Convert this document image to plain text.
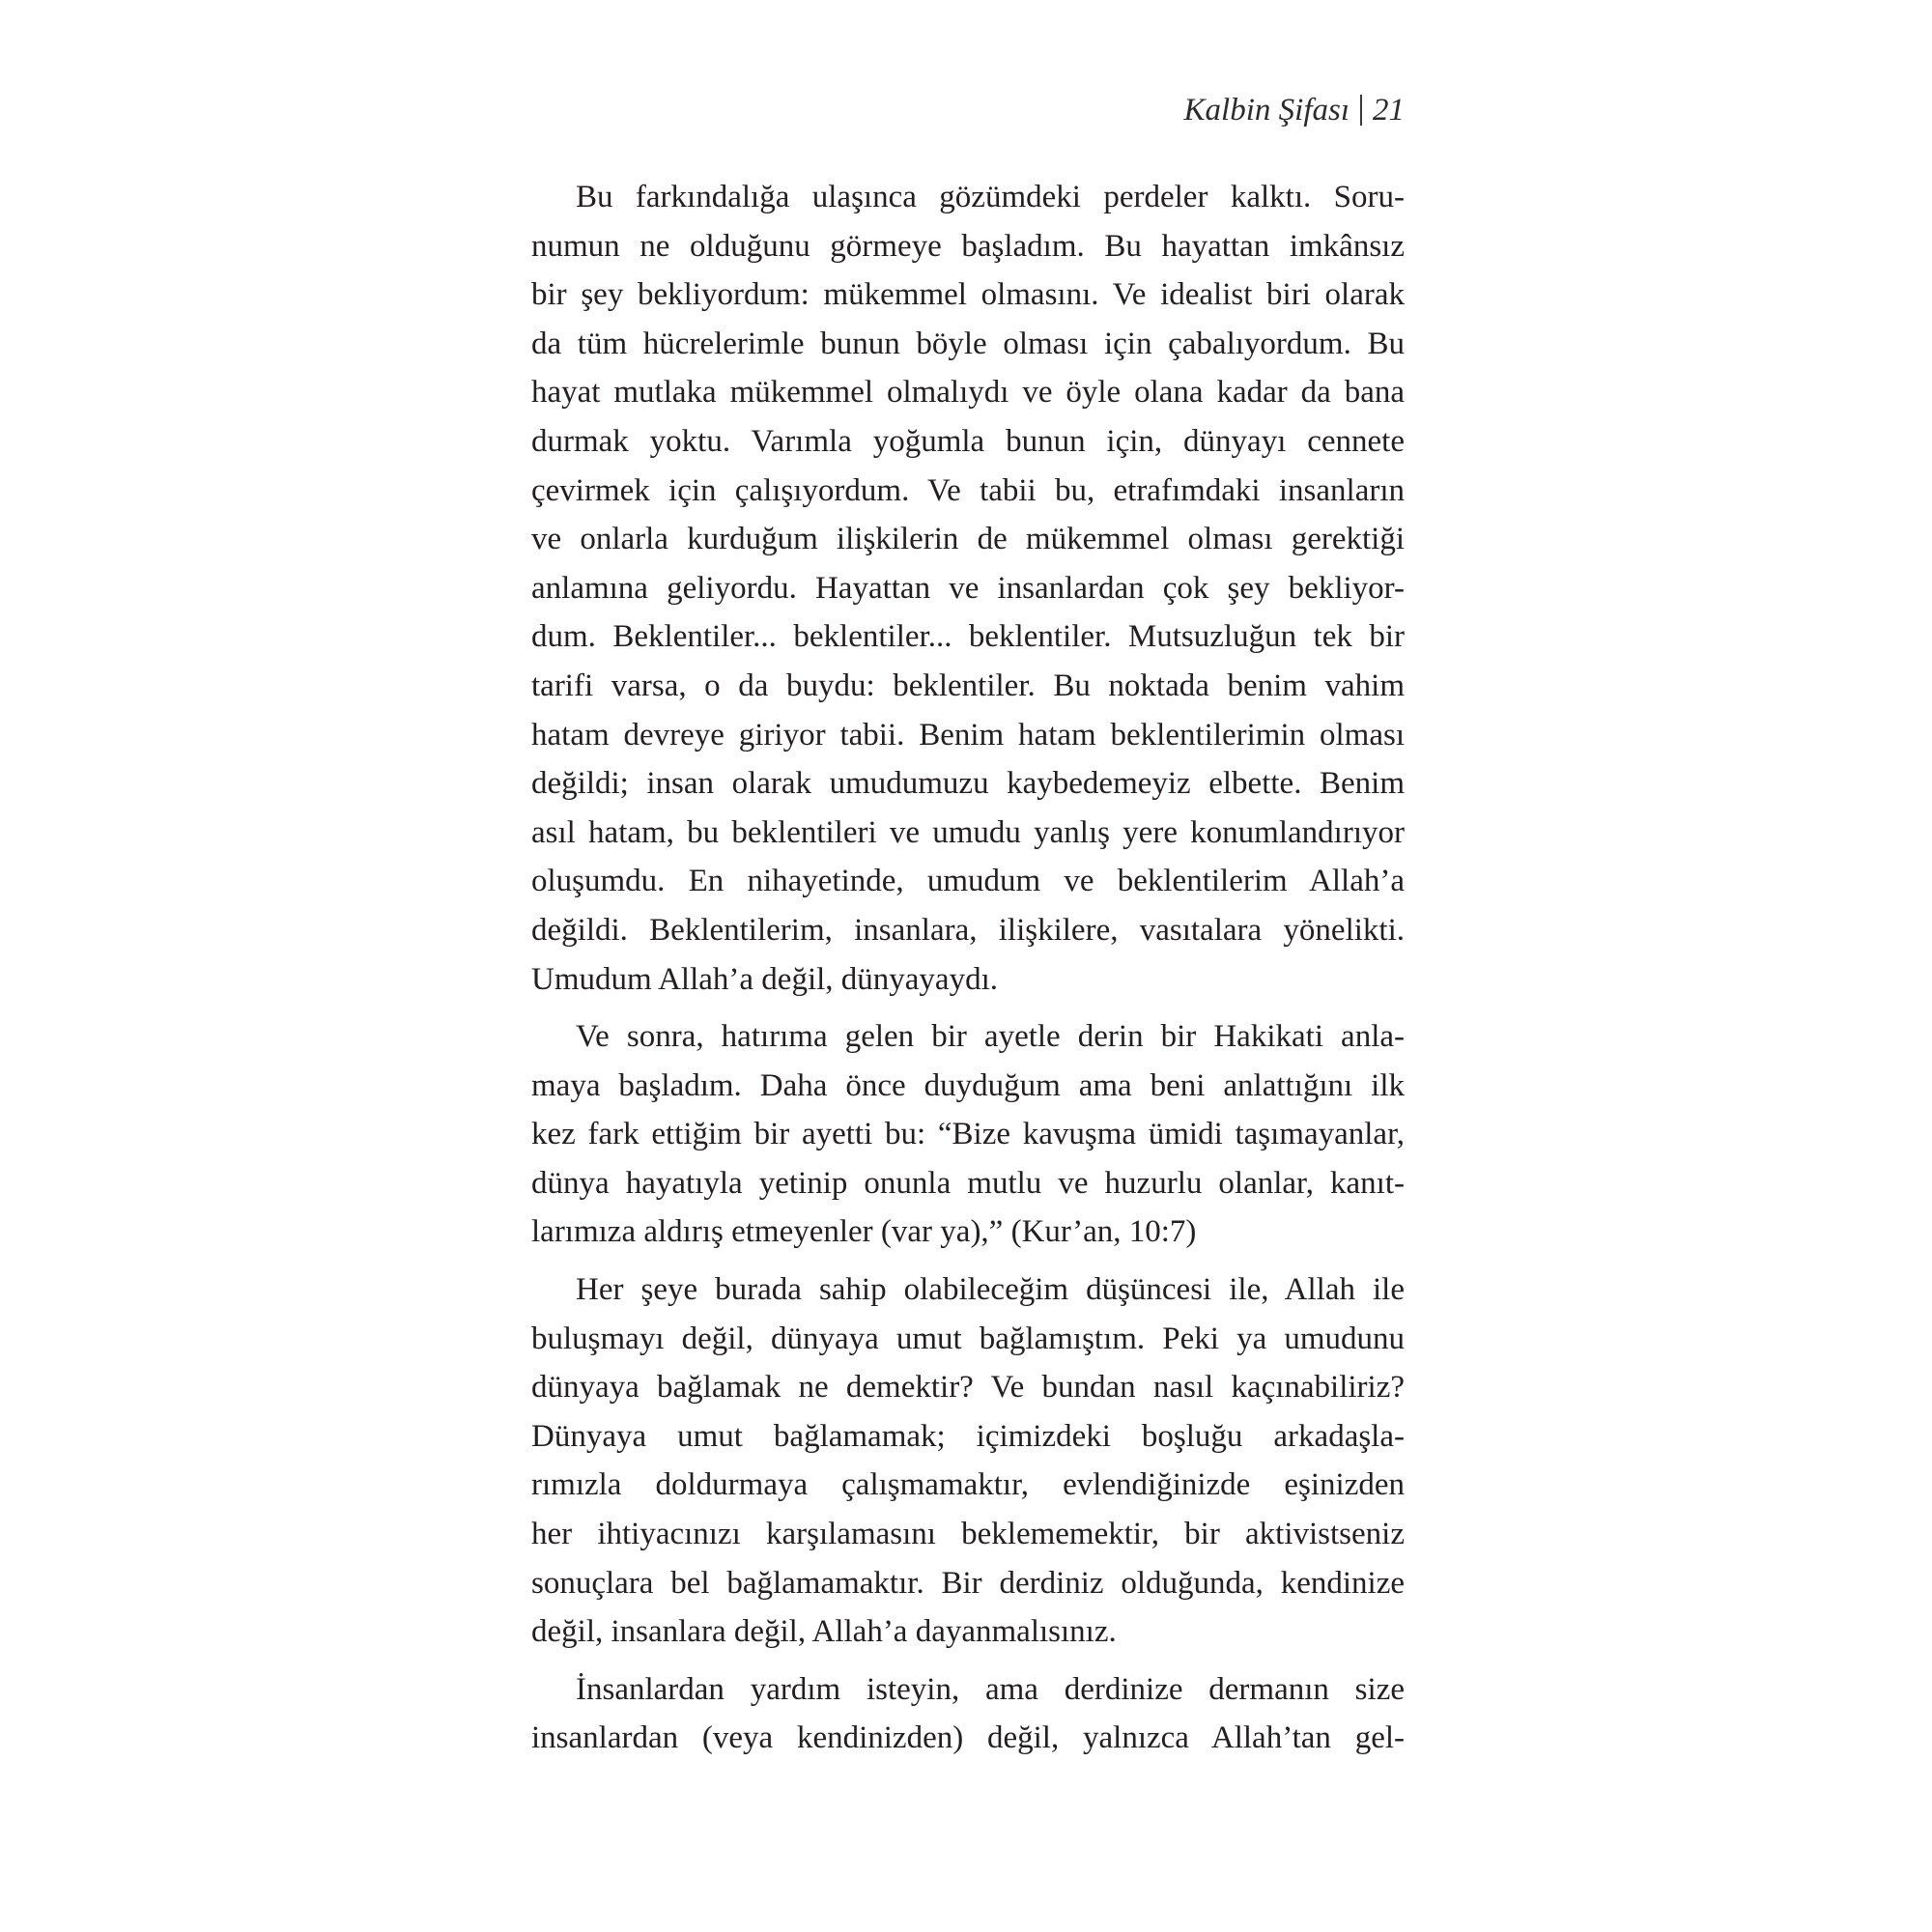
Kalbin Şifası 21
Bu farkındalığa ulaşınca gözümdeki perdeler kalktı. Soru-
numun ne olduğunu görmeye başladım. Bu hayattan imkânsız
bir şey bekliyordum: mükemmel olmasını. Ve idealist biri olarak
da tüm hücrelerimle bunun böyle olması için çabalıyordum. Bu
hayat mutlaka mükemmel olmalıydı ve öyle olana kadar da bana
durmak yoktu. Varımla yoğumla bunun için, dünyayı cennete
çevirmek için çalışıyordum. Ve tabii bu, etrafımdaki insanların
ve onlarla kurduğum ilişkilerin de mükemmel olması gerektiği
anlamına geliyordu. Hayattan ve insanlardan çok şey bekliyor-
dum. Beklentiler... beklentiler... beklentiler. Mutsuzluğun tek bir
tarifi varsa, o da buydu: beklentiler. Bu noktada benim vahim
hatam devreye giriyor tabii. Benim hatam beklentilerimin olması
değildi; insan olarak umudumuzu kaybedemeyiz elbette. Benim
asıl hatam, bu beklentileri ve umudu yanlış yere konumlandırıyor
oluşumdu. En nihayetinde, umudum ve beklentilerim Allah’a
değildi. Beklentilerim, insanlara, ilişkilere, vasıtalara yönelikti.
Umudum Allah’a değil, dünyayaydı.
Ve sonra, hatırıma gelen bir ayetle derin bir Hakikati anla-
maya başladım. Daha önce duyduğum ama beni anlattığını ilk
kez fark ettiğim bir ayetti bu: “Bize kavuşma ümidi taşımayanlar,
dünya hayatıyla yetinip onunla mutlu ve huzurlu olanlar, kanıt-
larımıza aldırış etmeyenler (var ya),” (Kur’an, 10:7)
Her şeye burada sahip olabileceğim düşüncesi ile, Allah ile
buluşmayı değil, dünyaya umut bağlamıştım. Peki ya umudunu
dünyaya bağlamak ne demektir? Ve bundan nasıl kaçınabiliriz?
Dünyaya umut bağlamamak; içimizdeki boşluğu arkadaşla-
rımızla doldurmaya çalışmamaktır, evlendiğinizde eşinizden
her ihtiyacınızı karşılamasını beklememektir, bir aktivistseniz
sonuçlara bel bağlamamaktır. Bir derdiniz olduğunda, kendinize
değil, insanlara değil, Allah’a dayanmalısınız.
İnsanlardan yardım isteyin, ama derdinize dermanın size
insanlardan (veya kendinizden) değil, yalnızca Allah’tan gel-
